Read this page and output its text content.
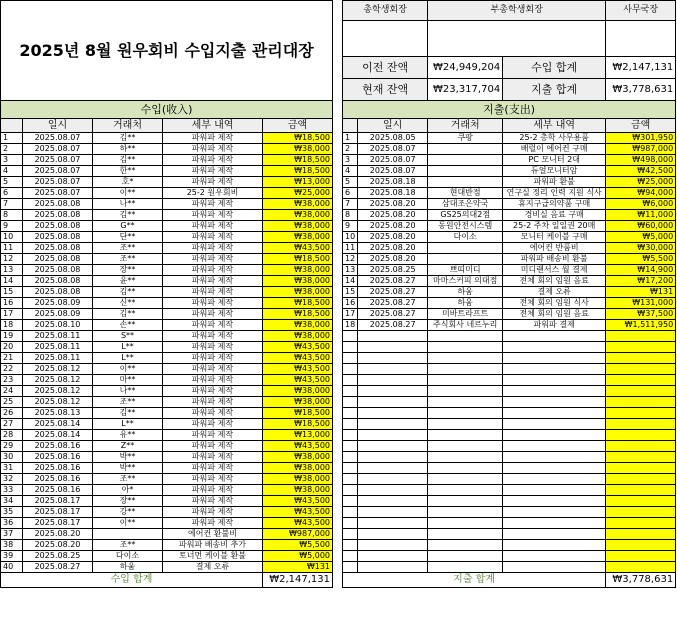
2025년 8월 원우회비 수입지출 관리대장						총학생회장		부총학생회장		사무국장

						이전 잔액		₩24,949,204	수입 합계	₩2,147,131
						현재 잔액		₩23,317,704	지출 합계	₩3,778,631
수입(收入)						지출(支出)				
	일시	거래처	세부 내역	금액			일시	거래처	세부 내역	금액
1	2025.08.07	김**	파워파 제작	₩18,500		1	2025.08.05	쿠팡	25-2 총학 사무용품	₩301,950
2	2025.08.07	하**	파워파 제작	₩38,000		2	2025.08.07		배럴이 에어컨 구매	₩987,000
3	2025.08.07	김**	파워파 제작	₩18,500		3	2025.08.07		PC 모니터 2대	₩498,000
4	2025.08.07	한**	파워파 제작	₩18,500		4	2025.08.07		듀얼모니터암	₩42,500
5	2025.08.07	호*	파워파 제작	₩13,000		5	2025.08.18		파워파 환불	₩25,000
6	2025.08.07	이**	25-2 원우회비	₩25,000		6	2025.08.18	현대반점	연구실 정리 인력 지원 식사	₩94,000
7	2025.08.08	나**	파워파 제작	₩38,000		7	2025.08.20	삼대조은약국	휴지구급의약품 구매	₩6,000
8	2025.08.08	김**	파워파 제작	₩38,000		8	2025.08.20	GS25의대2점	경비실 음료 구매	₩11,000
9	2025.08.08	G**	파워파 제작	₩38,000		9	2025.08.20	동원안전시스템	25-2 주차 일일권 20매	₩60,000
10	2025.08.08	단**	파워파 제작	₩38,000		10	2025.08.20	다이소	모니터 케이블 구매	₩5,000
11	2025.08.08	조**	파워파 제작	₩43,500		11	2025.08.20		에어컨 반품비	₩30,000
12	2025.08.08	조**	파워파 제작	₩18,500		12	2025.08.20		파워파 배송비 환불	₩5,500
13	2025.08.08	장**	파워파 제작	₩38,000		13	2025.08.25	쁘띠미디	미디랜서스 월 결제	₩14,900
14	2025.08.08	윤**	파워파 제작	₩38,000		14	2025.08.27	마마스커피 의대점	전체 회의 임원 음료	₩17,200
15	2025.08.08	김**	파워파 제작	₩38,000		15	2025.08.27	하움	결제 오류	₩131
16	2025.08.09	신**	파워파 제작	₩18,500		16	2025.08.27	하움	전체 회의 임원 식사	₩131,000
17	2025.08.09	김**	파워파 제작	₩18,500		17	2025.08.27	미바트라프트	전체 회의 임원 음료	₩37,500
18	2025.08.10	손**	파워파 제작	₩38,000		18	2025.08.27	주식회사 네르누리	파워파 결제	₩1,511,950
19	2025.08.11	S**	파워파 제작	₩38,000						
20	2025.08.11	L**	파워파 제작	₩43,500						
21	2025.08.11	L**	파워파 제작	₩43,500						
22	2025.08.12	이**	파워파 제작	₩43,500						
23	2025.08.12	마**	파워파 제작	₩43,500						
24	2025.08.12	나**	파워파 제작	₩38,000						
25	2025.08.12	조**	파워파 제작	₩38,000						
26	2025.08.13	김**	파워파 제작	₩18,500						
27	2025.08.14	L**	파워파 제작	₩18,500						
28	2025.08.14	유**	파워파 제작	₩13,000						
29	2025.08.16	Z**	파워파 제작	₩43,500						
30	2025.08.16	박**	파워파 제작	₩38,000						
31	2025.08.16	박**	파워파 제작	₩38,000						
32	2025.08.16	조**	파워파 제작	₩38,000						
33	2025.08.16	아*	파워파 제작	₩38,000						
34	2025.08.17	장**	파워파 제작	₩43,500						
35	2025.08.17	강**	파워파 제작	₩43,500						
36	2025.08.17	이**	파워파 제작	₩43,500						
37	2025.08.20		에어컨 환불비	₩987,000						
38	2025.08.20	조**	파워파 배송비 추가	₩5,500						
39	2025.08.25	다이소	토너먼 케이블 환불	₩5,000						
40	2025.08.27	하움	결제 오류	₩131						
수입 합계				₩2,147,131		지출 합계				₩3,778,631
